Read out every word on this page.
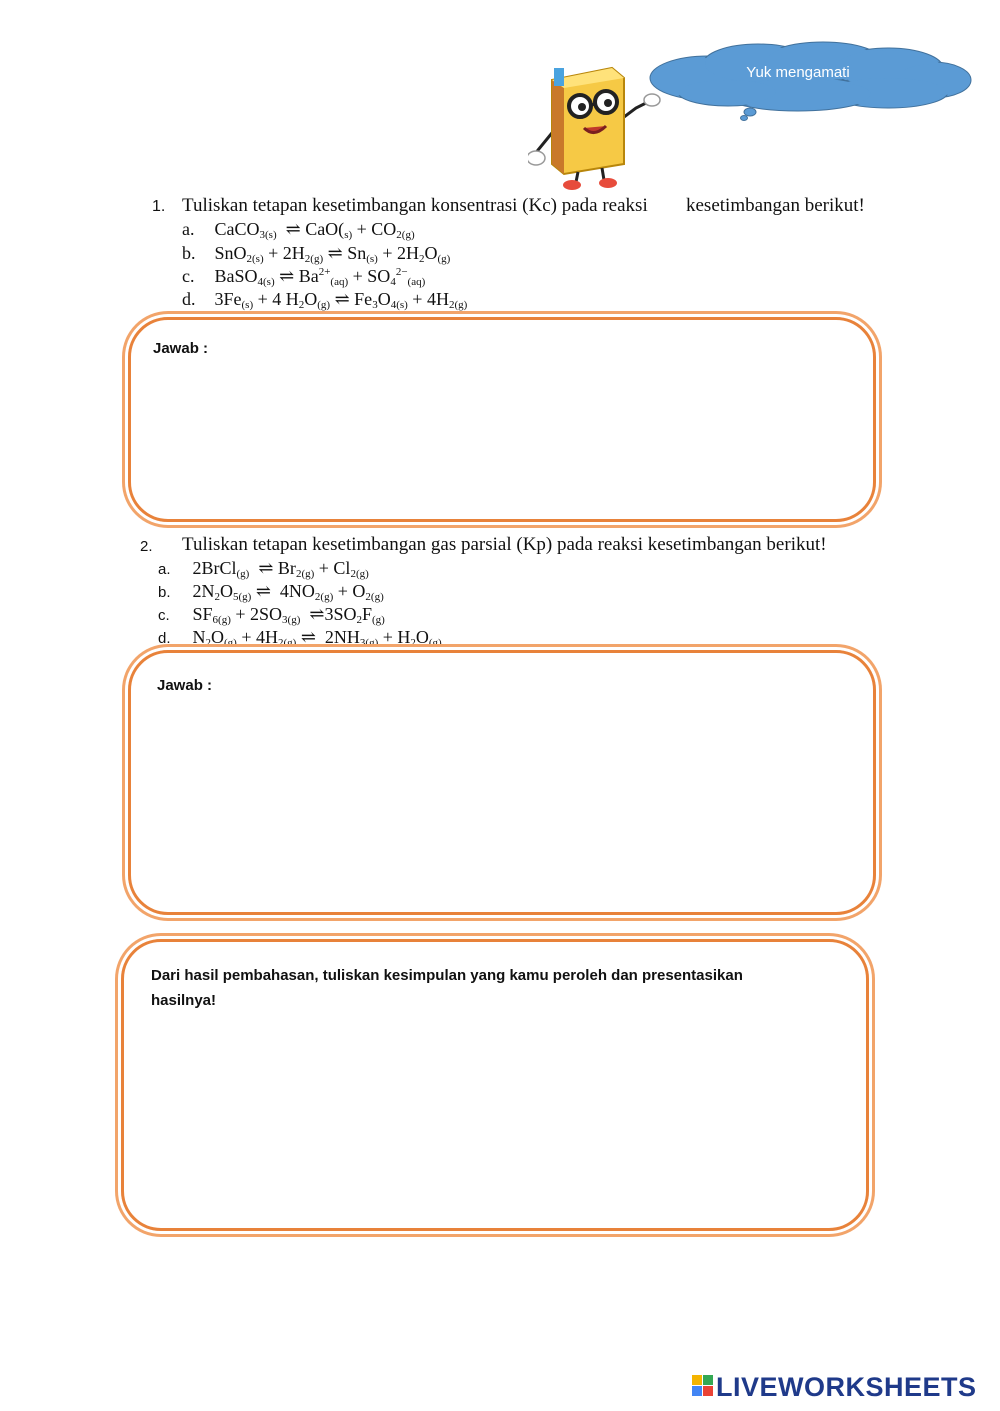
Yuk mengamati
1. Tuliskan tetapan kesetimbangan konsentrasi (Kc) pada reaksi kesetimbangan berikut!
a. CaCO$_{3(s)}$  ⇌ $CaO(_{s)} + CO_{2(g)}$
b. $SnO_{2(s)} + 2H_{2(g)}$ ⇌ $Sn_{(s)} + 2H_2O_{(g)}$
c. BaSO$_{4(s)}$ ⇌ $Ba^{2+}_{(aq)} + SO_4^{2-}_{(aq)}$
d. $3Fe_{(s)} + 4$ $H_2O_{(g)}$ ⇌ $Fe_3O_{4(s)} + 4H_{2(g)}$
Jawab :
2. Tuliskan tetapan kesetimbangan gas parsial (Kp) pada reaksi kesetimbangan berikut!
a. 2BrCl$_{(g)}$  ⇌ $Br_{2(g)} + Cl_{2(g)}$
b. $2N_2O_{5(g)}$ ⇌  $4NO_{2(g)} + O_{2(g)}$
c. $SF_{6(g)} + 2SO_{3(g)}$  $\rightleftharpoons 3SO_2F_{(g)}$
d. $N_2O_{(g)} + 4H_{2(g)}$ ⇌  $2NH_{3(g)} + H_2O_{(g)}$
Jawab :
Dari hasil pembahasan, tuliskan kesimpulan yang kamu peroleh dan presentasikan hasilnya!
LIVEWORKSHEETS
